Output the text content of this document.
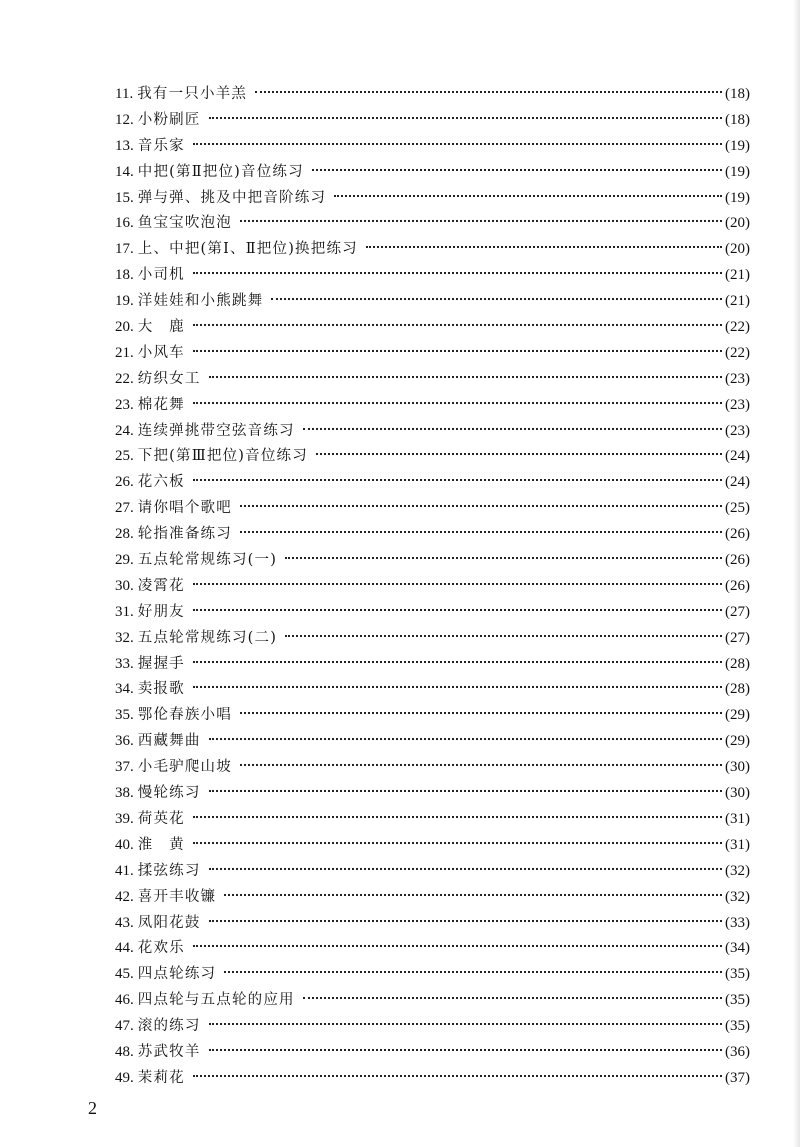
11. 我有一只小羊羔	(18)
12. 小粉刷匠	(18)
13. 音乐家	(19)
14. 中把(第Ⅱ把位)音位练习	(19)
15. 弹与弹、挑及中把音阶练习	(19)
16. 鱼宝宝吹泡泡	(20)
17. 上、中把(第Ⅰ、Ⅱ把位)换把练习	(20)
18. 小司机	(21)
19. 洋娃娃和小熊跳舞	(21)
20. 大　鹿	(22)
21. 小风车	(22)
22. 纺织女工	(23)
23. 棉花舞	(23)
24. 连续弹挑带空弦音练习	(23)
25. 下把(第Ⅲ把位)音位练习	(24)
26. 花六板	(24)
27. 请你唱个歌吧	(25)
28. 轮指准备练习	(26)
29. 五点轮常规练习(一)	(26)
30. 凌霄花	(26)
31. 好朋友	(27)
32. 五点轮常规练习(二)	(27)
33. 握握手	(28)
34. 卖报歌	(28)
35. 鄂伦春族小唱	(29)
36. 西藏舞曲	(29)
37. 小毛驴爬山坡	(30)
38. 慢轮练习	(30)
39. 荷英花	(31)
40. 淮　黄	(31)
41. 揉弦练习	(32)
42. 喜开丰收镰	(32)
43. 凤阳花鼓	(33)
44. 花欢乐	(34)
45. 四点轮练习	(35)
46. 四点轮与五点轮的应用	(35)
47. 滚的练习	(35)
48. 苏武牧羊	(36)
49. 茉莉花	(37)
2
